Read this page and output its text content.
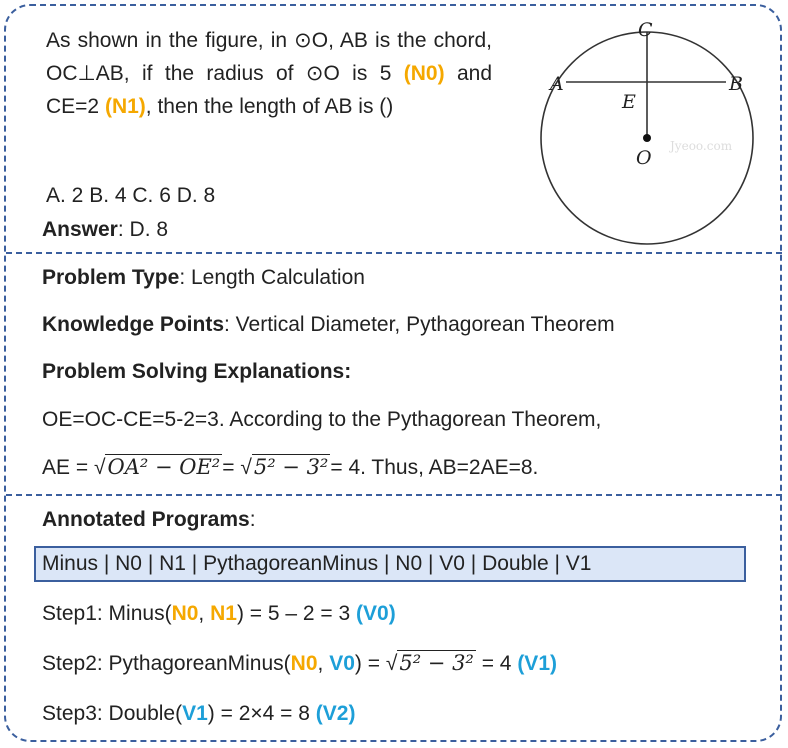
As shown in the figure, in ⊙O, AB is the chord, OC⊥AB, if the radius of ⊙O is 5 (N0) and CE=2 (N1), then the length of AB is ()
A. 2 B. 4 C. 6 D. 8
Answer: D. 8
A	B
C
E
O
Jyeoo.com
Problem Type: Length Calculation
Knowledge Points: Vertical Diameter, Pythagorean Theorem
Problem Solving Explanations:
OE=OC-CE=5-2=3. According to the Pythagorean Theorem,
AE = √OA² − OE²= √5² − 3²= 4. Thus, AB=2AE=8.
Annotated Programs:
Minus | N0 | N1 | PythagoreanMinus | N0 | V0 | Double | V1
Step1: Minus(N0, N1) = 5 – 2 = 3 (V0)
Step2: PythagoreanMinus(N0, V0) = √5² − 3² = 4 (V1)
Step3: Double(V1) = 2×4 = 8 (V2)
